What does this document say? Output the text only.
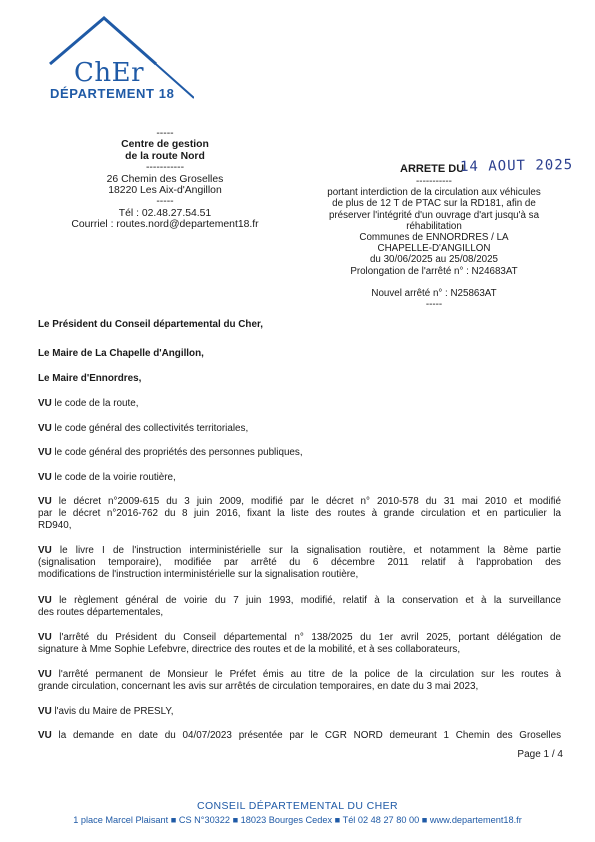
ChEr
DÉPARTEMENT 18
-----
Centre de gestion
de la route Nord
-----------
26 Chemin des Groselles
18220 Les Aix-d'Angillon
-----
Tél : 02.48.27.54.51
Courriel : routes.nord@departement18.fr
ARRETE DU
14 AOUT 2025
-----------
portant interdiction de la circulation aux véhicules
de plus de 12 T de PTAC sur la RD181, afin de
préserver l'intégrité d'un ouvrage d'art jusqu'à sa
réhabilitation
Communes de ENNORDRES / LA
CHAPELLE-D'ANGILLON
du 30/06/2025 au 25/08/2025
Prolongation de l'arrêté n° : N24683AT
Nouvel arrêté n° : N25863AT
-----
Le Président du Conseil départemental du Cher,
Le Maire de La Chapelle d'Angillon,
Le Maire d'Ennordres,
VU le code de la route,
VU le code général des collectivités territoriales,
VU le code général des propriétés des personnes publiques,
VU le code de la voirie routière,
VU le décret n°2009-615 du 3 juin 2009, modifié par le décret n° 2010-578 du 31 mai 2010 et modifié
par le décret n°2016-762 du 8 juin 2016, fixant la liste des routes à grande circulation et en particulier la
RD940,
VU le livre I de l'instruction interministérielle sur la signalisation routière, et notamment la 8ème partie
(signalisation temporaire), modifiée par arrêté du 6 décembre 2011 relatif à l'approbation des
modifications de l'instruction interministérielle sur la signalisation routière,
VU le règlement général de voirie du 7 juin 1993, modifié, relatif à la conservation et à la surveillance
des routes départementales,
VU l'arrêté du Président du Conseil départemental n° 138/2025 du 1er avril 2025, portant délégation de
signature à Mme Sophie Lefebvre, directrice des routes et de la mobilité, et à ses collaborateurs,
VU l'arrêté permanent de Monsieur le Préfet émis au titre de la police de la circulation sur les routes à
grande circulation, concernant les avis sur arrêtés de circulation temporaires, en date du 3 mai 2023,
VU l'avis du Maire de PRESLY,
VU la demande en date du 04/07/2023 présentée par le CGR NORD demeurant 1 Chemin des Groselles
Page 1 / 4
CONSEIL DÉPARTEMENTAL DU CHER
1 place Marcel Plaisant ■ CS N°30322 ■ 18023 Bourges Cedex ■ Tél 02 48 27 80 00 ■ www.departement18.fr
